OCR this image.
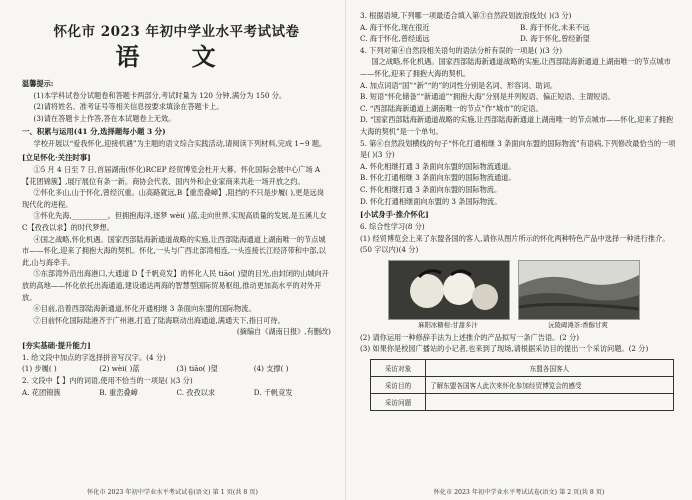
怀化市 2023 年初中学业水平考试试卷

语 文

温馨提示:

(1)本学科试卷分试题卷和答题卡两部分,考试时量为 120 分钟,满分为 150 分。

(2)请将姓名、准考证号等相关信息按要求填涂在答题卡上。

(3)请在答题卡上作答,答在本试题卷上无效。

一、积累与运用(41 分,选择题每小题 3 分)

学校开展以“爱我怀化,迎接机遇”为主题的语文综合实践活动,请阅读下列材料,完成 1~9 题。

[立足怀化·关注时事]

①5 月 4 日至 7 日,首届湖南(怀化)RCEP 经贸博览会杜开大幕。怀化国际会展中心广场 A【花团锦簇】,展厅展位有条一新。商协会代表、国内外和企业家商来共赴一场开放之约。

②怀化多山,山于怀化,曾经沉重。山高路就远,B【重峦叠嶂】,阻挡的不只是步履( ),更是远岗现代化的进程。

③怀化先海,__________。但拥抱海洋,逐梦 wèi( )蓝,走向世界,实现高质量的发展,是五溪儿女 C【孜孜以求】的时代梦想。

④国之战略,怀化机遇。国家西部陆海新通道战略的实施,让西部陆海通道上湖南唯一的节点城市——怀化,迎来了拥抱大海的契机。怀化,一头与广西北部湾相连,一头连接长江经济带和中部,以此,山与海牵手。

⑤东部湾外沿出海港口,大通道 D【千帆竞发】的怀化人民 tiāo( )望的目光,由封闭的山城向开放的高地——怀化依托出海通道,建设通达两海的智慧型国际贸易枢纽,推动更加高水平的对外开放。

⑥目前,沿着西部陆海新通道,怀化开通相继 3 条面向东盟的国际物流。

⑦目前怀化国际陆港齐于广州港,打造了陆海联动出海通道,满通天下,指日可待。

(摘编自《湖南日报》,有删改)

[夯实基础·提升能力]

1. 给文段中加点的字选择拼音写汉字。(4 分)

(1) 步履( )	(2) wèi( )蓝	(3) tiāo( )望	(4) 支撑( )

2. 文段中【 】内的词语,使用不恰当的一项是( )(3 分)

A. 花团锦簇	B. 重峦叠嶂	C. 孜孜以求	D. 千帆竞发
怀化市 2023 年初中学业水平考试试卷(语文) 第 1 页(共 8 页)

3. 根据语境,下列哪一项最适合填入第③自然段划波浪线处( )(3 分)

A. 海于怀化,现在很近	B. 海于怀化,未来不远
C. 海于怀化,曾经遥远	D. 海于怀化,曾经新望

4. 下列对第④自然段相关语句的语法分析有误的一项是( )(3 分)

国之战略,怀化机遇。国家西部陆海新通道战略的实施,让西部陆海新通道上湖南唯一的节点城市——怀化,迎来了拥抱大海的契机。

A. 加点词语“国”“新”“的”的词性分别是名词、形容词、助词。

B. 短语“怀化储备”“新通道”“拥抱大海”分别是并列短语、偏正短语、主谓短语。

C. “西部陆海新通道上湖南唯一的节点”作“城市”的定语。

D. “国家西部陆海新通道战略的实施,让西部陆海新通道上湖南唯一的节点城市——怀化,迎来了拥抱大海的契机”是一个单句。

5. 第⑥自然段划横线的句子“怀化打通相继 3 条面向东盟的国际物流”有语病,下列修改最恰当的一项是( )(3 分)

A. 怀化相继打通 3 条面向东盟的国际物流通道。

B. 怀化打通相继 3 条面向东盟的国际物流通道。

C. 怀化相继打通 3 条面向东盟的国际物流。

D. 怀化打通相继面向东盟的 3 条国际物流。

[小试身手·推介怀化]

6. 综合性学习(8 分)

(1) 经贸博览会上来了东盟各国的客人,请你从图片所示的怀化两种特色产品中选择一种进行推介。(50 字以内)(4 分)

麻阳冰糖柑:甘甜多汁	沅陵碣滩茶:香醇甘爽

(2) 请你运用一种修辞手法为上述推介的产品拟写一条广告语。(2 分)

(3) 如果你是校园广播站的小记者,也来到了现场,请根据采访目的提出一个采访问题。(2 分)

采访对象	东盟各国客人
采访目的	了解东盟各国客人此次来怀化参加经贸博览会的感受
采访问题	
怀化市 2023 年初中学业水平考试试卷(语文) 第 2 页(共 8 页)
